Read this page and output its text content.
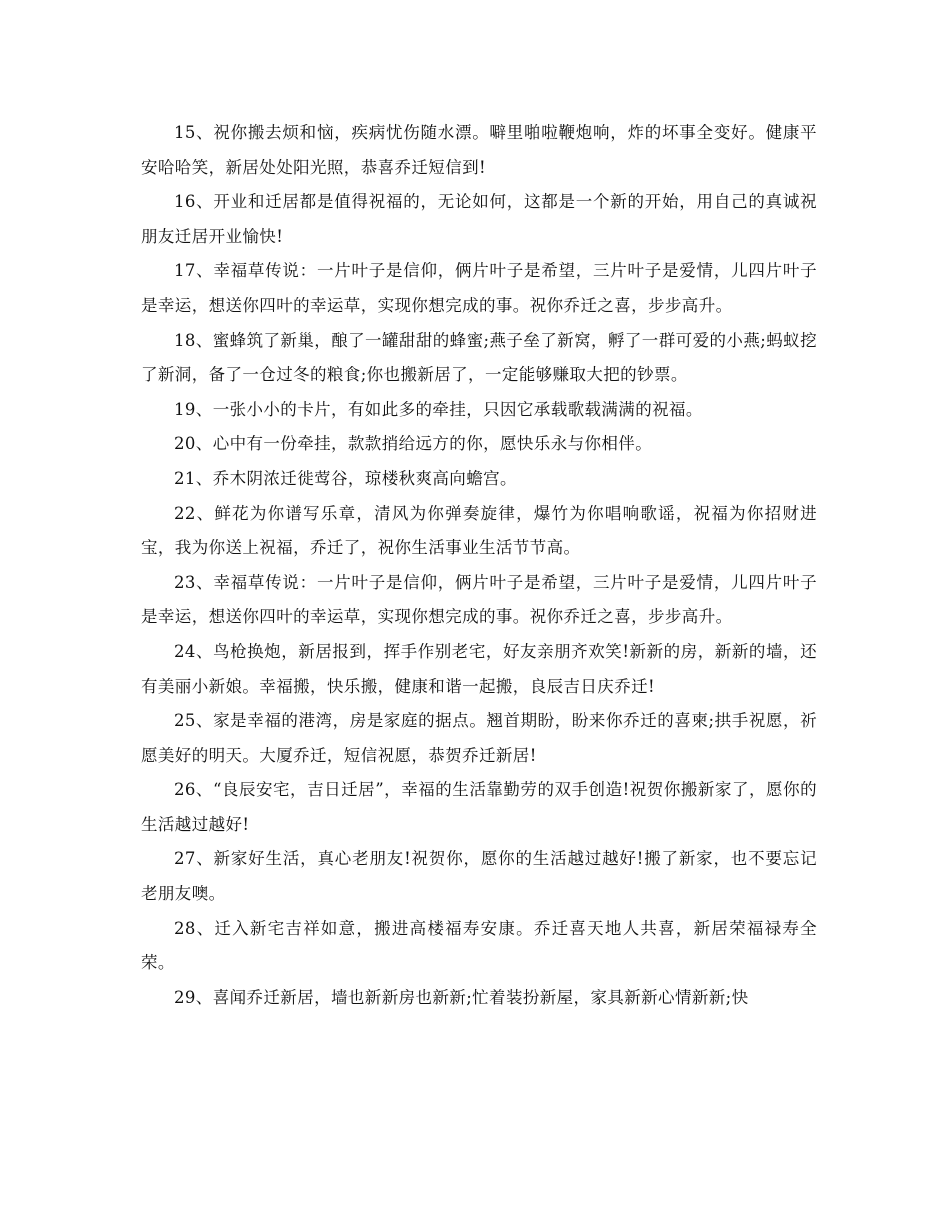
15、祝你搬去烦和恼，疾病忧伤随水漂。噼里啪啦鞭炮响，炸的坏事全变好。健康平安哈哈笑，新居处处阳光照，恭喜乔迁短信到!

16、开业和迁居都是值得祝福的，无论如何，这都是一个新的开始，用自己的真诚祝朋友迁居开业愉快!

17、幸福草传说：一片叶子是信仰，俩片叶子是希望，三片叶子是爱情，儿四片叶子是幸运，想送你四叶的幸运草，实现你想完成的事。祝你乔迁之喜，步步高升。

18、蜜蜂筑了新巢，酿了一罐甜甜的蜂蜜;燕子垒了新窝，孵了一群可爱的小燕;蚂蚁挖了新洞，备了一仓过冬的粮食;你也搬新居了，一定能够赚取大把的钞票。

19、一张小小的卡片，有如此多的牵挂，只因它承载歌载满满的祝福。

20、心中有一份牵挂，款款捎给远方的你，愿快乐永与你相伴。

21、乔木阴浓迁徙莺谷，琼楼秋爽高向蟾宫。

22、鲜花为你谱写乐章，清风为你弹奏旋律，爆竹为你唱响歌谣，祝福为你招财进宝，我为你送上祝福，乔迁了，祝你生活事业生活节节高。

23、幸福草传说：一片叶子是信仰，俩片叶子是希望，三片叶子是爱情，儿四片叶子是幸运，想送你四叶的幸运草，实现你想完成的事。祝你乔迁之喜，步步高升。

24、鸟枪换炮，新居报到，挥手作别老宅，好友亲朋齐欢笑!新新的房，新新的墙，还有美丽小新娘。幸福搬，快乐搬，健康和谐一起搬，良辰吉日庆乔迁!

25、家是幸福的港湾，房是家庭的据点。翘首期盼，盼来你乔迁的喜柬;拱手祝愿，祈愿美好的明天。大厦乔迁，短信祝愿，恭贺乔迁新居!

26、“良辰安宅，吉日迁居”，幸福的生活靠勤劳的双手创造!祝贺你搬新家了，愿你的生活越过越好!

27、新家好生活，真心老朋友!祝贺你，愿你的生活越过越好!搬了新家，也不要忘记老朋友噢。

28、迁入新宅吉祥如意，搬进高楼福寿安康。乔迁喜天地人共喜，新居荣福禄寿全荣。

29、喜闻乔迁新居，墙也新新房也新新;忙着装扮新屋，家具新新心情新新;快
